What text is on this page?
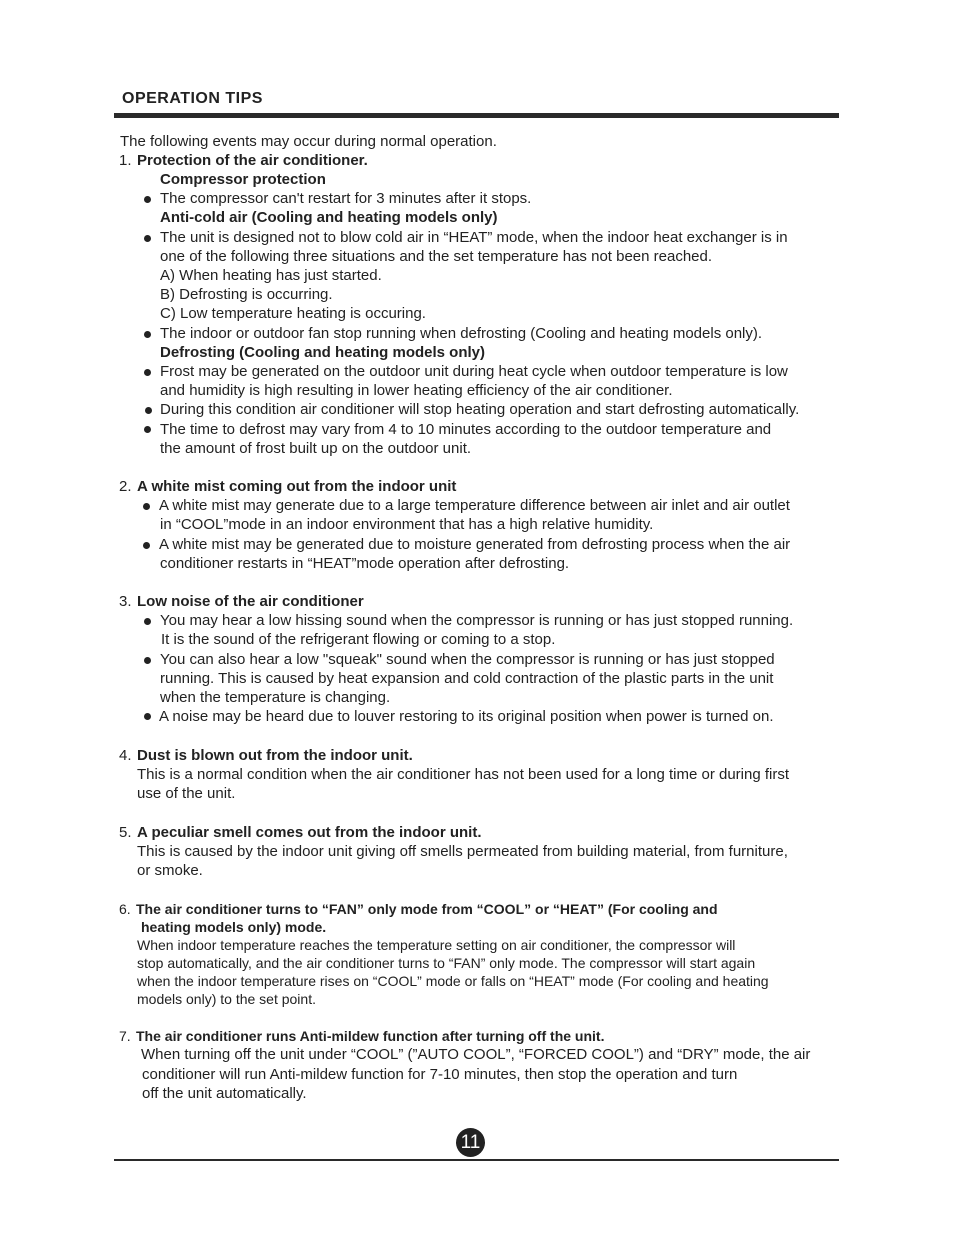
OPERATION TIPS
The following events may occur during normal operation.
1. Protection of the air conditioner.
Compressor protection
The compressor can't restart for 3 minutes after it stops.
Anti-cold air (Cooling and heating models only)
The unit is designed not to blow cold air in “HEAT” mode, when the indoor heat exchanger is in
one of the following three situations and the set temperature has not been reached.
A) When heating has just started.
B) Defrosting is occurring.
C) Low temperature heating is occuring.
The indoor or outdoor fan stop running when defrosting (Cooling and heating models only).
Defrosting (Cooling and heating models only)
Frost may be generated on the outdoor unit during heat cycle when outdoor temperature is low
and humidity is high resulting in lower heating efficiency of the air conditioner.
During this condition air conditioner will stop heating operation and start defrosting automatically.
The time to defrost may vary from 4 to 10 minutes according to the outdoor temperature and
the amount of frost built up on the outdoor unit.
2. A white mist coming out from the indoor unit
A white mist may generate due to a large temperature difference between air inlet and air outlet
in “COOL”mode in an indoor environment that has a high relative humidity.
A white mist may be generated due to moisture generated from defrosting process when the air
conditioner restarts in “HEAT”mode operation after defrosting.
3. Low noise of the air conditioner
You may hear a low hissing sound when the compressor is running or has just stopped running.
It is the sound of the refrigerant flowing or coming to a stop.
You can also hear a low "squeak" sound when the compressor is running or has just stopped
running. This is caused by heat expansion and cold contraction of the plastic parts in the unit
when the temperature is changing.
A noise may be heard due to louver restoring to its original position when power is turned on.
4. Dust is blown out from the indoor unit.
This is a normal condition when the air conditioner has not been used for a long time or during first
use of the unit.
5. A peculiar smell comes out from the indoor unit.
This is caused by the indoor unit giving off smells permeated from building material, from furniture,
or smoke.
6. The air conditioner turns to “FAN” only mode from “COOL” or “HEAT” (For cooling and
heating models only) mode.
When indoor temperature reaches the temperature setting on air conditioner, the compressor will
stop automatically, and the air conditioner turns to “FAN” only mode. The compressor will start again
when the indoor temperature rises on “COOL” mode or falls on “HEAT” mode (For cooling and heating
models only) to the set point.
7. The air conditioner runs Anti-mildew function after turning off the unit.
When turning off the unit under “COOL” (”AUTO COOL”, “FORCED COOL”) and “DRY” mode, the air
conditioner will run Anti-mildew function for 7-10 minutes, then stop the operation and turn
off the unit automatically.
11
